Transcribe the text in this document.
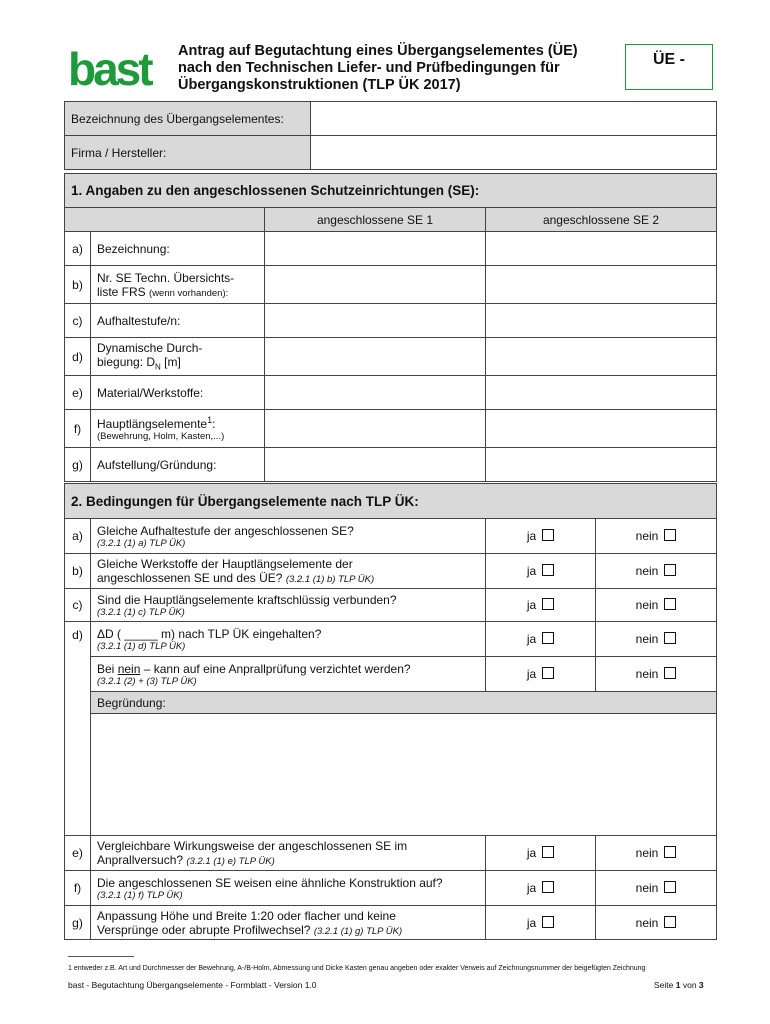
bast Antrag auf Begutachtung eines Übergangselementes (ÜE)
nach den Technischen Liefer- und Prüfbedingungen für
Übergangskonstruktionen (TLP ÜK 2017)
ÜE -
Bezeichnung des Übergangselementes:	
Firma / Hersteller:	
1. Angaben zu den angeschlossenen Schutzeinrichtungen (SE):			
		angeschlossene SE 1	angeschlossene SE 2
a)	Bezeichnung:		
b)	Nr. SE Techn. Übersichts-
liste FRS (wenn vorhanden):		

c)	Aufhaltestufe/n:		
d)	Dynamische Durch-
biegung: $D_N$ [m]		

e)	Material/Werkstoffe:		
f)	Hauptlängselemente$^1$:
(Bewehrung, Holm, Kasten,...)		

g)	Aufstellung/Gründung:		
2. Bedingungen für Übergangselemente nach TLP ÜK:			
a)	Gleiche Aufhaltestufe der angeschlossenen SE?
(3.2.1 (1) a) TLP ÜK)	ja	nein
b)	Gleiche Werkstoffe der Hauptlängselemente der
angeschlossenen SE und des ÜE? (3.2.1 (1) b) TLP ÜK)	ja	nein
c)	Sind die Hauptlängselemente kraftschlüssig verbunden?
(3.2.1 (1) c) TLP ÜK)	ja	nein
d)	ΔD ( _____ m) nach TLP ÜK eingehalten?
(3.2.1 (1) d) TLP ÜK)	ja	nein

	Bei nein – kann auf eine Anprallprüfung verzichtet werden?
(3.2.1 (2) + (3) TLP ÜK)	ja	nein
	Begründung:		

e)	Vergleichbare Wirkungsweise der angeschlossenen SE im
Anprallversuch? (3.2.1 (1) e) TLP ÜK)	ja	nein
f)	Die angeschlossenen SE weisen eine ähnliche Konstruktion auf?
(3.2.1 (1) f) TLP ÜK)	ja	nein
g)	Anpassung Höhe und Breite 1:20 oder flacher und keine
Versprünge oder abrupte Profilwechsel? (3.2.1 (1) g) TLP ÜK)	ja	nein
1 entweder z.B. Art und Durchmesser der Bewehrung, A-/B-Holm, Abmessung und Dicke Kasten genau angeben oder exakter Verweis auf Zeichnungsnummer der beigefügten Zeichnung
bast - Begutachtung Übergangselemente - Formblatt - Version 1.0	Seite 1 von 3
